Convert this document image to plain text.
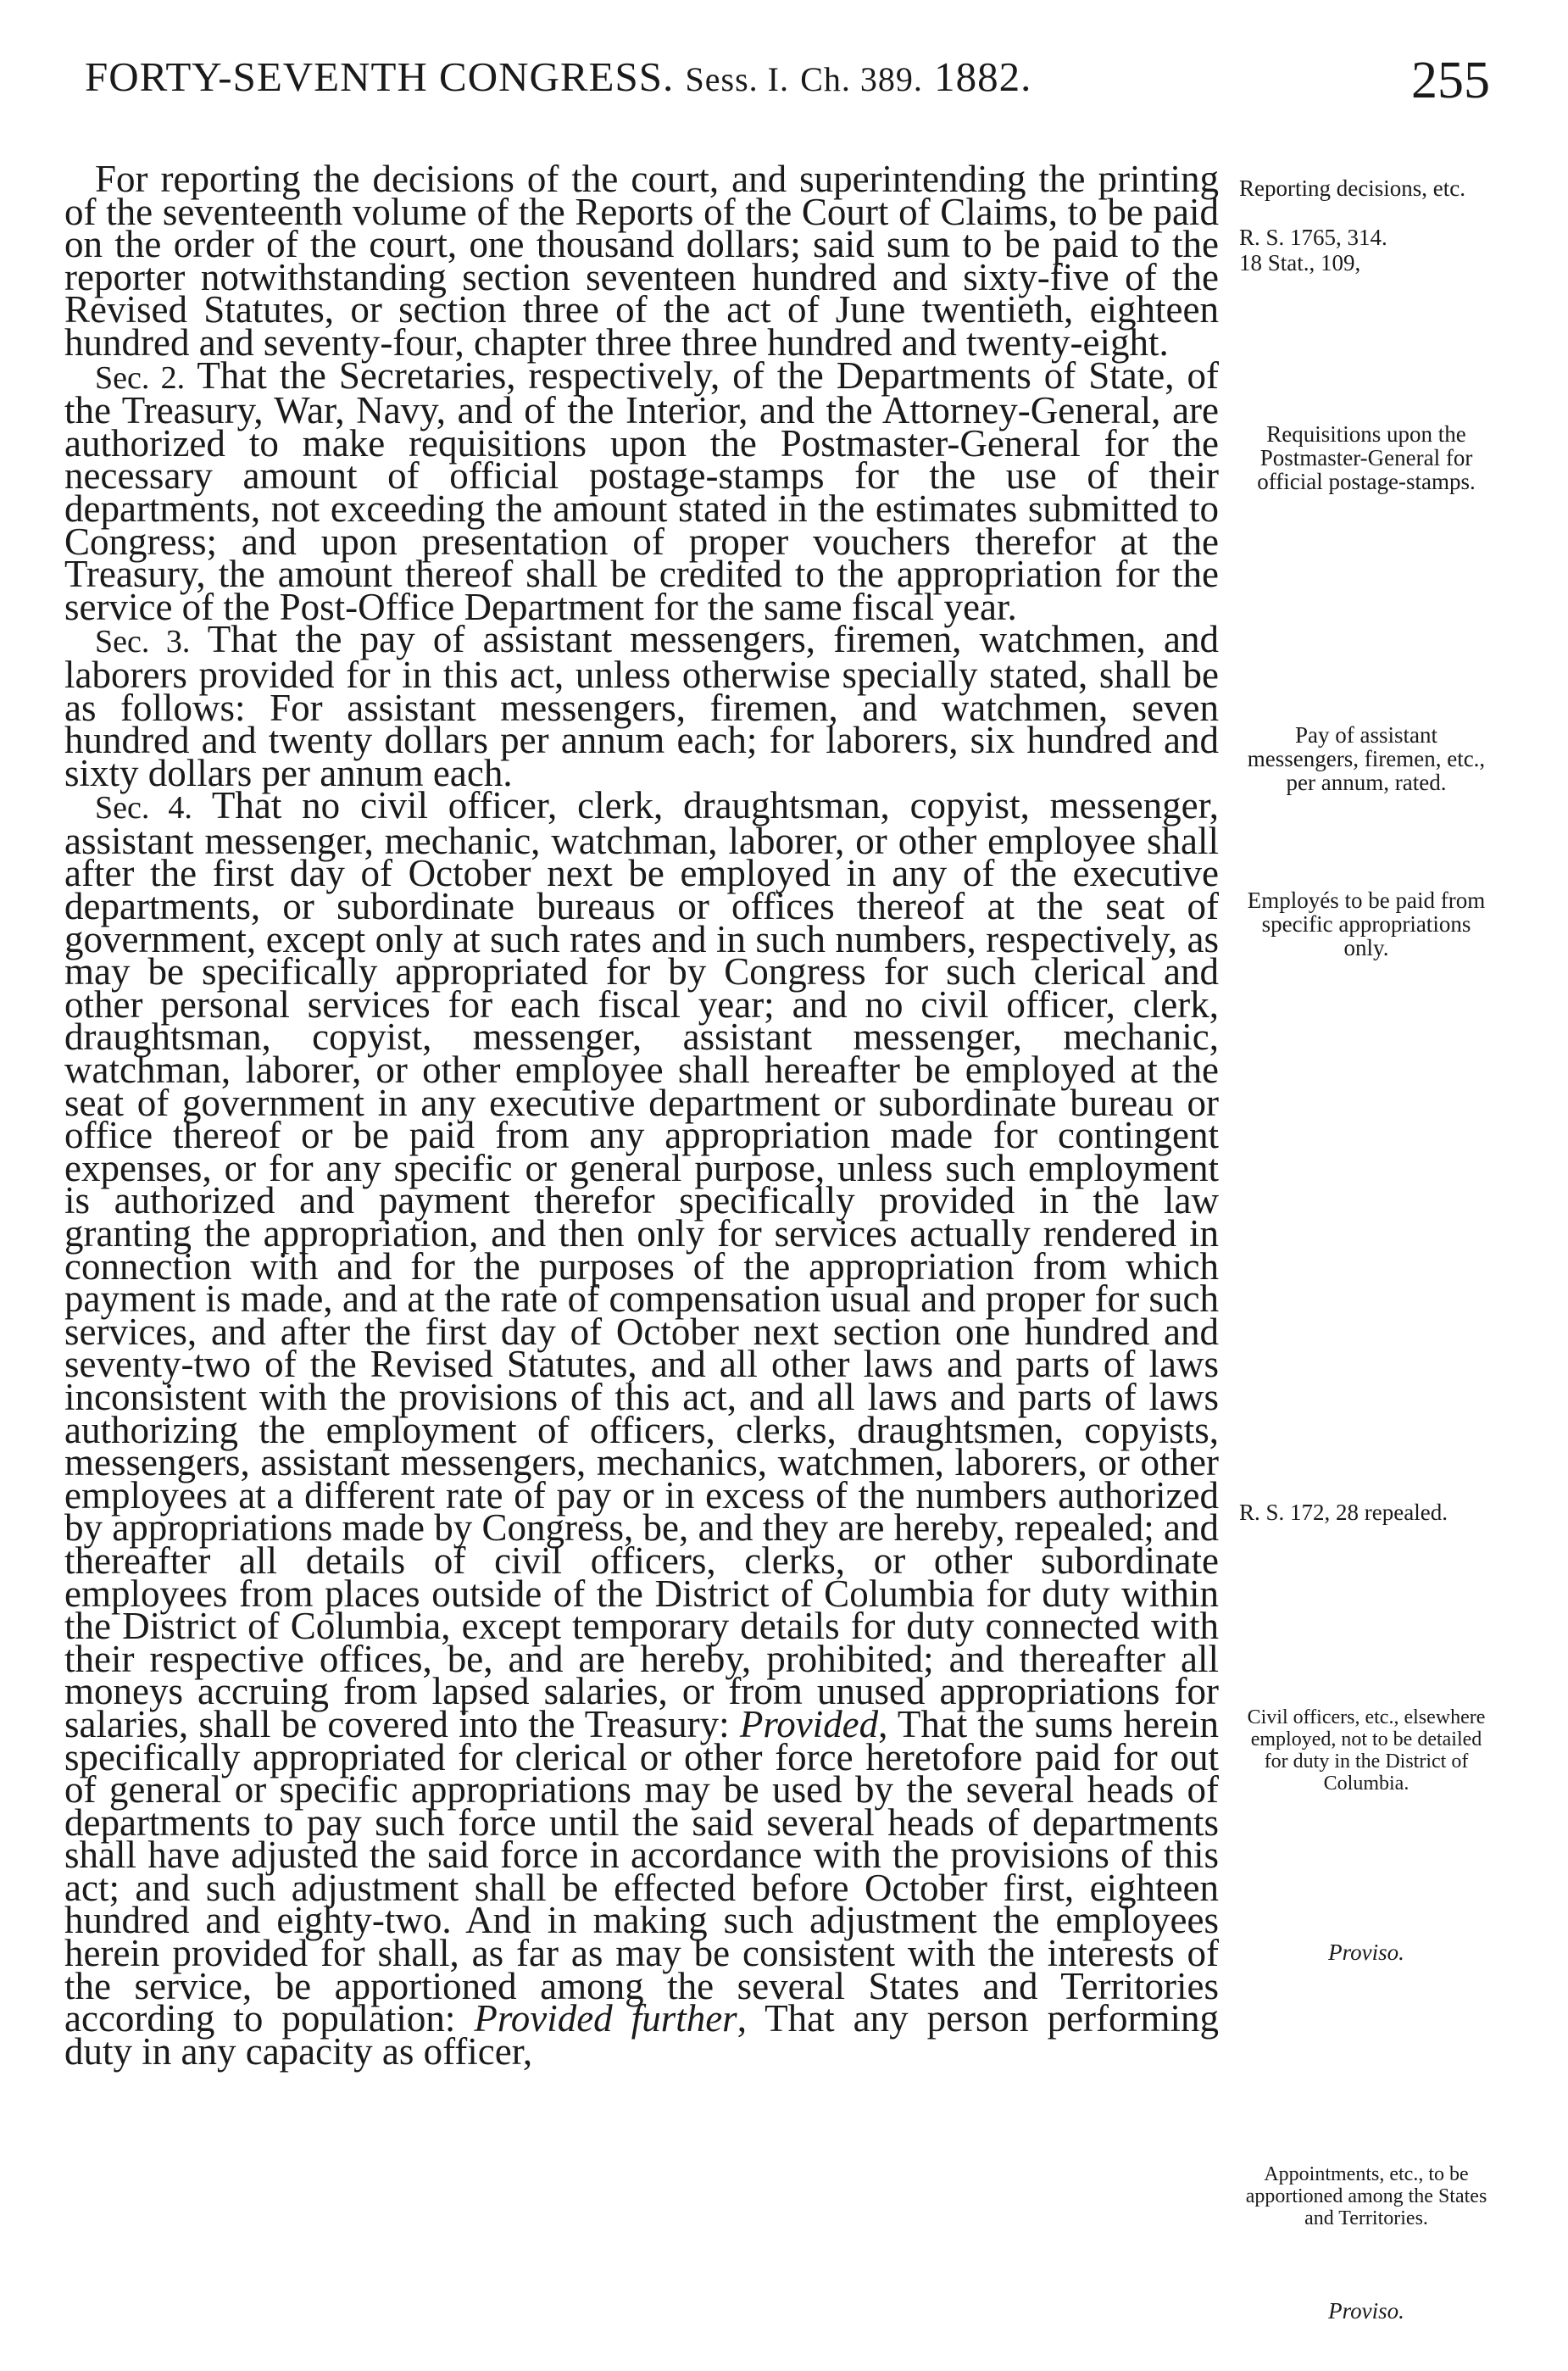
FORTY-SEVENTH CONGRESS. Sess. I. Ch. 389. 1882.	255

For reporting the decisions of the court, and superintending the printing of the seventeenth volume of the Reports of the Court of Claims, to be paid on the order of the court, one thousand dollars; said sum to be paid to the reporter notwithstanding section seventeen hundred and sixty-five of the Revised Statutes, or section three of the act of June twentieth, eighteen hundred and seventy-four, chapter three three hundred and twenty-eight.

Sec. 2. That the Secretaries, respectively, of the Departments of State, of the Treasury, War, Navy, and of the Interior, and the Attorney-General, are authorized to make requisitions upon the Postmaster-General for the necessary amount of official postage-stamps for the use of their departments, not exceeding the amount stated in the estimates submitted to Congress; and upon presentation of proper vouchers therefor at the Treasury, the amount thereof shall be credited to the appropriation for the service of the Post-Office Department for the same fiscal year.

Sec. 3. That the pay of assistant messengers, firemen, watchmen, and laborers provided for in this act, unless otherwise specially stated, shall be as follows: For assistant messengers, firemen, and watchmen, seven hundred and twenty dollars per annum each; for laborers, six hundred and sixty dollars per annum each.

Sec. 4. That no civil officer, clerk, draughtsman, copyist, messenger, assistant messenger, mechanic, watchman, laborer, or other employee shall after the first day of October next be employed in any of the executive departments, or subordinate bureaus or offices thereof at the seat of government, except only at such rates and in such numbers, respectively, as may be specifically appropriated for by Congress for such clerical and other personal services for each fiscal year; and no civil officer, clerk, draughtsman, copyist, messenger, assistant messenger, mechanic, watchman, laborer, or other employee shall hereafter be employed at the seat of government in any executive department or subordinate bureau or office thereof or be paid from any appropriation made for contingent expenses, or for any specific or general purpose, unless such employment is authorized and payment therefor specifically provided in the law granting the appropriation, and then only for services actually rendered in connection with and for the purposes of the appropriation from which payment is made, and at the rate of compensation usual and proper for such services, and after the first day of October next section one hundred and seventy-two of the Revised Statutes, and all other laws and parts of laws inconsistent with the provisions of this act, and all laws and parts of laws authorizing the employment of officers, clerks, draughtsmen, copyists, messengers, assistant messengers, mechanics, watchmen, laborers, or other employees at a different rate of pay or in excess of the numbers authorized by appropriations made by Congress, be, and they are hereby, repealed; and thereafter all details of civil officers, clerks, or other subordinate employees from places outside of the District of Columbia for duty within the District of Columbia, except temporary details for duty connected with their respective offices, be, and are hereby, prohibited; and thereafter all moneys accruing from lapsed salaries, or from unused appropriations for salaries, shall be covered into the Treasury: Provided, That the sums herein specifically appropriated for clerical or other force heretofore paid for out of general or specific appropriations may be used by the several heads of departments to pay such force until the said several heads of departments shall have adjusted the said force in accordance with the provisions of this act; and such adjustment shall be effected before October first, eighteen hundred and eighty-two. And in making such adjustment the employees herein provided for shall, as far as may be consistent with the interests of the service, be apportioned among the several States and Territories according to population: Provided further, That any person performing duty in any capacity as officer,

Reporting decisions, etc.
R. S. 1765, 314.
18 Stat., 109,
Requisitions upon the Postmaster-General for official postage-stamps.
Pay of assistant messengers, firemen, etc., per annum, rated.
Employés to be paid from specific appropriations only.
R. S. 172, 28 repealed.
Civil officers, etc., elsewhere employed, not to be detailed for duty in the District of Columbia.
Proviso.
Appointments, etc., to be apportioned among the States and Territories.
Proviso.
